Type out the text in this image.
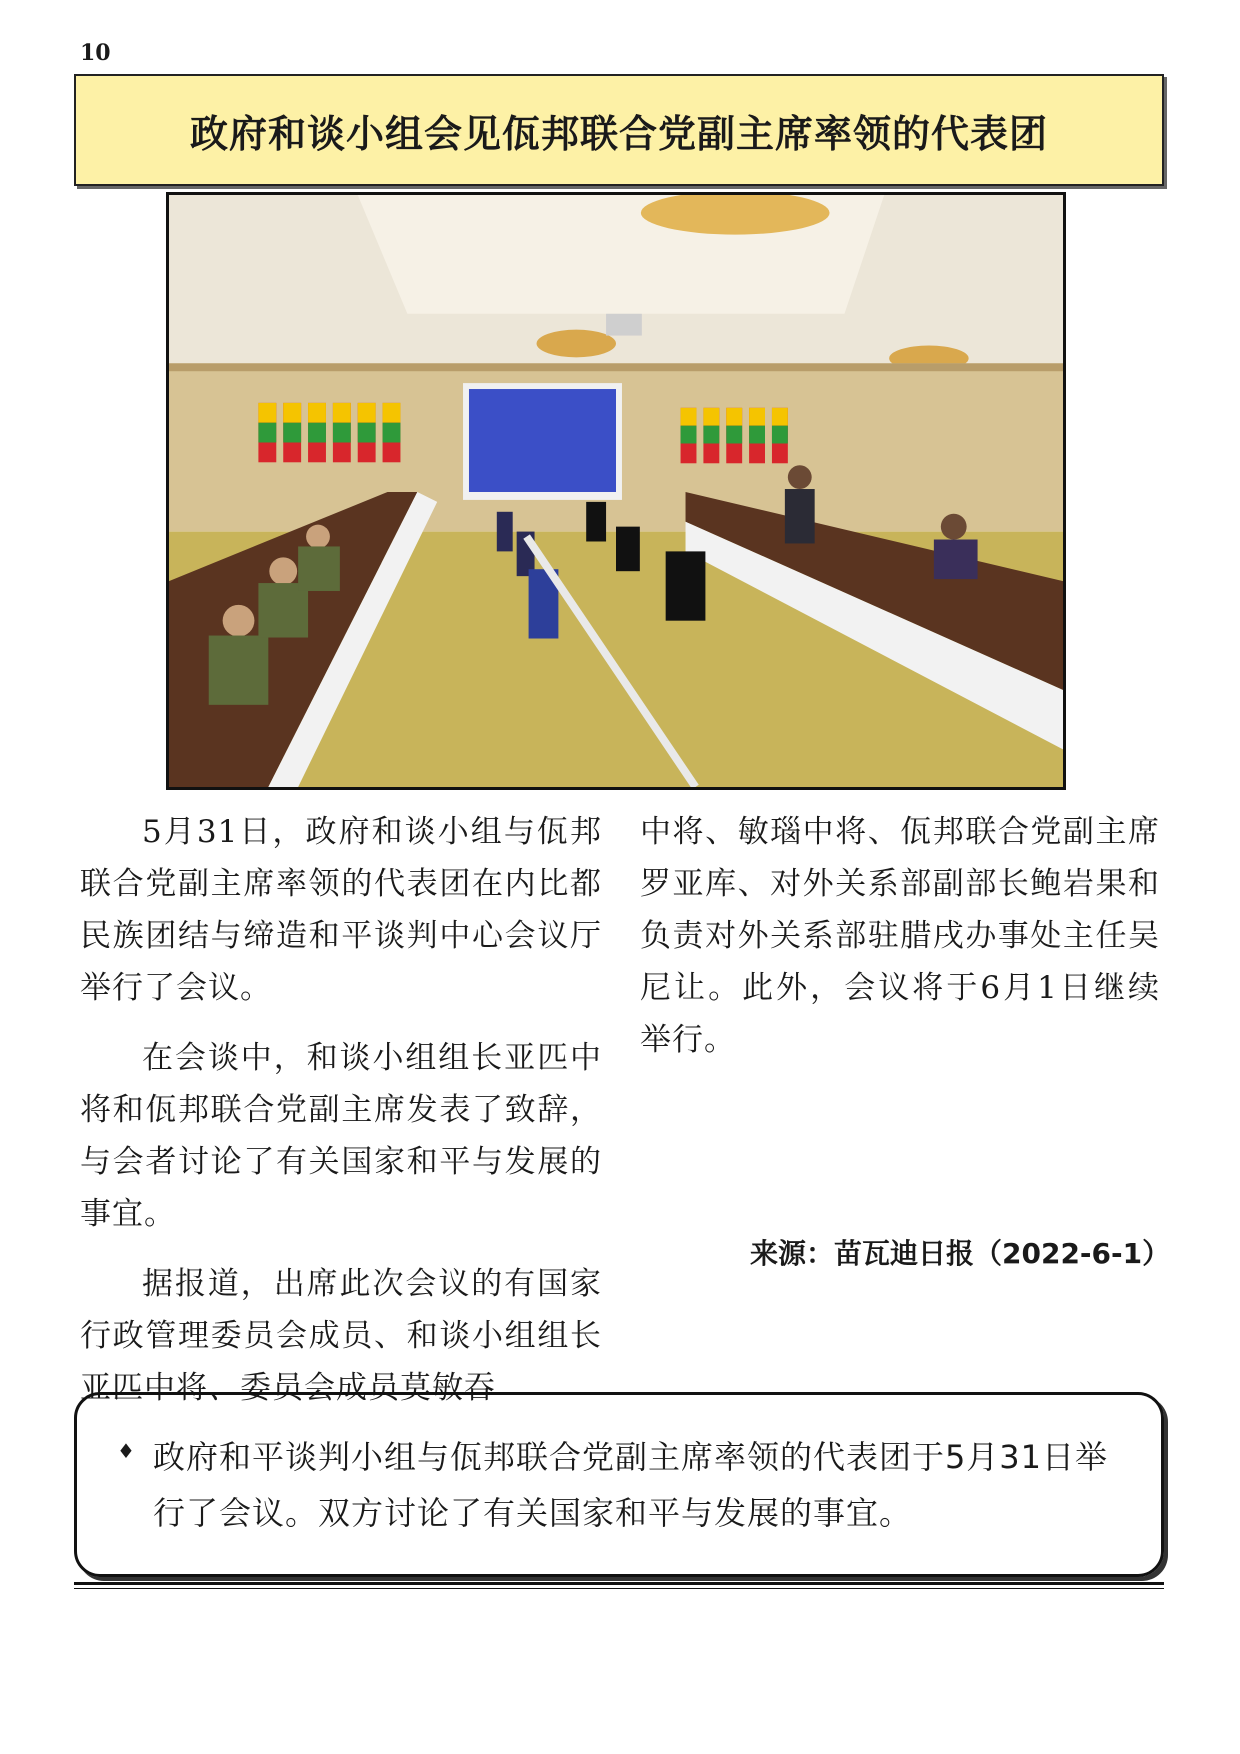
10
政府和谈小组会见佤邦联合党副主席率领的代表团

5月31日，政府和谈小组与佤邦联合党副主席率领的代表团在内比都民族团结与缔造和平谈判中心会议厅举行了会议。

在会谈中，和谈小组组长亚匹中将和佤邦联合党副主席发表了致辞，与会者讨论了有关国家和平与发展的事宜。

据报道，出席此次会议的有国家行政管理委员会成员、和谈小组组长亚匹中将、委员会成员莫敏吞

中将、敏瑙中将、佤邦联合党副主席罗亚库、对外关系部副部长鲍岩果和负责对外关系部驻腊戌办事处主任吴尼让。此外，会议将于6月1日继续举行。

来源：苗瓦迪日报（2022-6-1）
♦ 政府和平谈判小组与佤邦联合党副主席率领的代表团于5月31日举行了会议。双方讨论了有关国家和平与发展的事宜。
